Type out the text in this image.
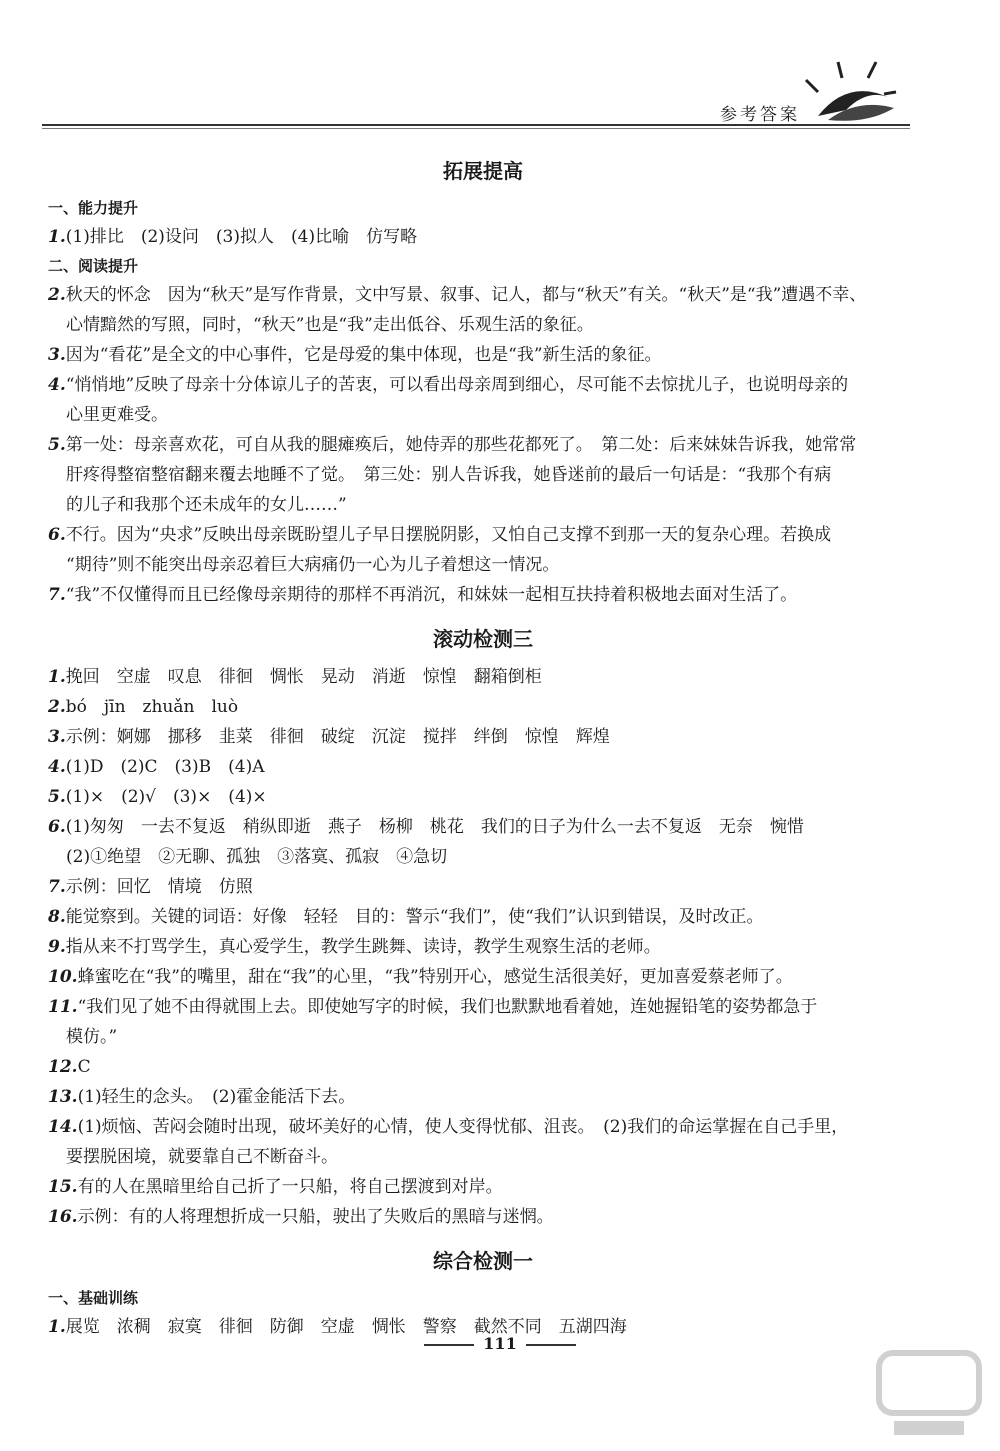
参考答案
拓展提高
一、能力提升
1. (1)排比　(2)设问　(3)拟人　(4)比喻　仿写略
二、阅读提升
2. 秋天的怀念　因为“秋天”是写作背景，文中写景、叙事、记人，都与“秋天”有关。“秋天”是“我”遭遇不幸、
心情黯然的写照，同时，“秋天”也是“我”走出低谷、乐观生活的象征。
3. 因为“看花”是全文的中心事件，它是母爱的集中体现，也是“我”新生活的象征。
4. “悄悄地”反映了母亲十分体谅儿子的苦衷，可以看出母亲周到细心，尽可能不去惊扰儿子，也说明母亲的
心里更难受。
5. 第一处：母亲喜欢花，可自从我的腿瘫痪后，她侍弄的那些花都死了。　第二处：后来妹妹告诉我，她常常
肝疼得整宿整宿翻来覆去地睡不了觉。　第三处：别人告诉我，她昏迷前的最后一句话是：“我那个有病
的儿子和我那个还未成年的女儿……”
6. 不行。因为“央求”反映出母亲既盼望儿子早日摆脱阴影，又怕自己支撑不到那一天的复杂心理。若换成
“期待”则不能突出母亲忍着巨大病痛仍一心为儿子着想这一情况。
7. “我”不仅懂得而且已经像母亲期待的那样不再消沉，和妹妹一起相互扶持着积极地去面对生活了。
滚动检测三
1. 挽回　空虚　叹息　徘徊　惆怅　晃动　消逝　惊惶　翻箱倒柜
2. bó　jīn　zhuǎn　luò
3. 示例：婀娜　挪移　韭菜　徘徊　破绽　沉淀　搅拌　绊倒　惊惶　辉煌
4. (1)D　(2)C　(3)B　(4)A
5. (1)×　(2)√　(3)×　(4)×
6. (1)匆匆　一去不复返　稍纵即逝　燕子　杨柳　桃花　我们的日子为什么一去不复返　无奈　惋惜
(2)①绝望　②无聊、孤独　③落寞、孤寂　④急切
7. 示例：回忆　情境　仿照
8. 能觉察到。关键的词语：好像　轻轻　目的：警示“我们”，使“我们”认识到错误，及时改正。
9. 指从来不打骂学生，真心爱学生，教学生跳舞、读诗，教学生观察生活的老师。
10. 蜂蜜吃在“我”的嘴里，甜在“我”的心里，“我”特别开心，感觉生活很美好，更加喜爱蔡老师了。
11. “我们见了她不由得就围上去。即使她写字的时候，我们也默默地看着她，连她握铅笔的姿势都急于
模仿。”
12. C
13. (1)轻生的念头。　(2)霍金能活下去。
14. (1)烦恼、苦闷会随时出现，破坏美好的心情，使人变得忧郁、沮丧。　(2)我们的命运掌握在自己手里，
要摆脱困境，就要靠自己不断奋斗。
15. 有的人在黑暗里给自己折了一只船，将自己摆渡到对岸。
16. 示例：有的人将理想折成一只船，驶出了失败后的黑暗与迷惘。
综合检测一
一、基础训练
1. 展览　浓稠　寂寞　徘徊　防御　空虚　惆怅　警察　截然不同　五湖四海
111
